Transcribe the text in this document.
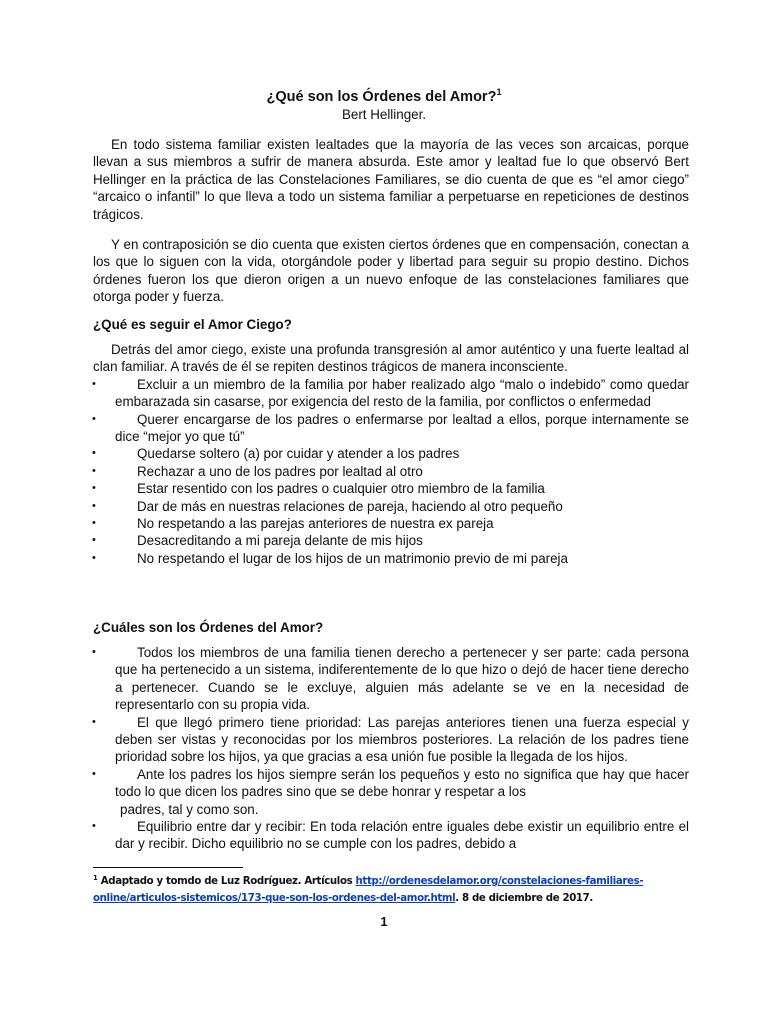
¿Qué son los Órdenes del Amor?$^1$
Bert Hellinger.

En todo sistema familiar existen lealtades que la mayoría de las veces son arcaicas, porque llevan a sus miembros a sufrir de manera absurda. Este amor y lealtad fue lo que observó Bert Hellinger en la práctica de las Constelaciones Familiares, se dio cuenta de que es “el amor ciego” “arcaico o infantil” lo que lleva a todo un sistema familiar a perpetuarse en repeticiones de destinos trágicos.

Y en contraposición se dio cuenta que existen ciertos órdenes que en compensación, conectan a los que lo siguen con la vida, otorgándole poder y libertad para seguir su propio destino. Dichos órdenes fueron los que dieron origen a un nuevo enfoque de las constelaciones familiares que otorga poder y fuerza.

¿Qué es seguir el Amor Ciego?

Detrás del amor ciego, existe una profunda transgresión al amor auténtico y una fuerte lealtad al clan familiar. A través de él se repiten destinos trágicos de manera inconsciente.

•	Excluir a un miembro de la familia por haber realizado algo “malo o indebido” como quedar embarazada sin casarse, por exigencia del resto de la familia, por conflictos o enfermedad
•	Querer encargarse de los padres o enfermarse por lealtad a ellos, porque internamente se dice “mejor yo que tú”
•	Quedarse soltero (a) por cuidar y atender a los padres
•	Rechazar a uno de los padres por lealtad al otro
•	Estar resentido con los padres o cualquier otro miembro de la familia
•	Dar de más en nuestras relaciones de pareja, haciendo al otro pequeño
•	No respetando a las parejas anteriores de nuestra ex pareja
•	Desacreditando a mi pareja delante de mis hijos
•	No respetando el lugar de los hijos de un matrimonio previo de mi pareja
¿Cuáles son los Órdenes del Amor?
•	Todos los miembros de una familia tienen derecho a pertenecer y ser parte: cada persona que ha pertenecido a un sistema, indiferentemente de lo que hizo o dejó de hacer tiene derecho a pertenecer. Cuando se le excluye, alguien más adelante se ve en la necesidad de representarlo con su propia vida.
•	El que llegó primero tiene prioridad: Las parejas anteriores tienen una fuerza especial y deben ser vistas y reconocidas por los miembros posteriores. La relación de los padres tiene prioridad sobre los hijos, ya que gracias a esa unión fue posible la llegada de los hijos.
•	Ante los padres los hijos siempre serán los pequeños y esto no significa que hay que hacer todo lo que dicen los padres sino que se debe honrar y respetar a los
padres, tal y como son.
•	Equilibrio entre dar y recibir: En toda relación entre iguales debe existir un equilibrio entre el dar y recibir. Dicho equilibrio no se cumple con los padres, debido a
$^1$ Adaptado y tomdo de Luz Rodríguez. Artículos http://ordenesdelamor.org/constelaciones-familiares-online/articulos-sistemicos/173-que-son-los-ordenes-del-amor.html. 8 de diciembre de 2017.
1
